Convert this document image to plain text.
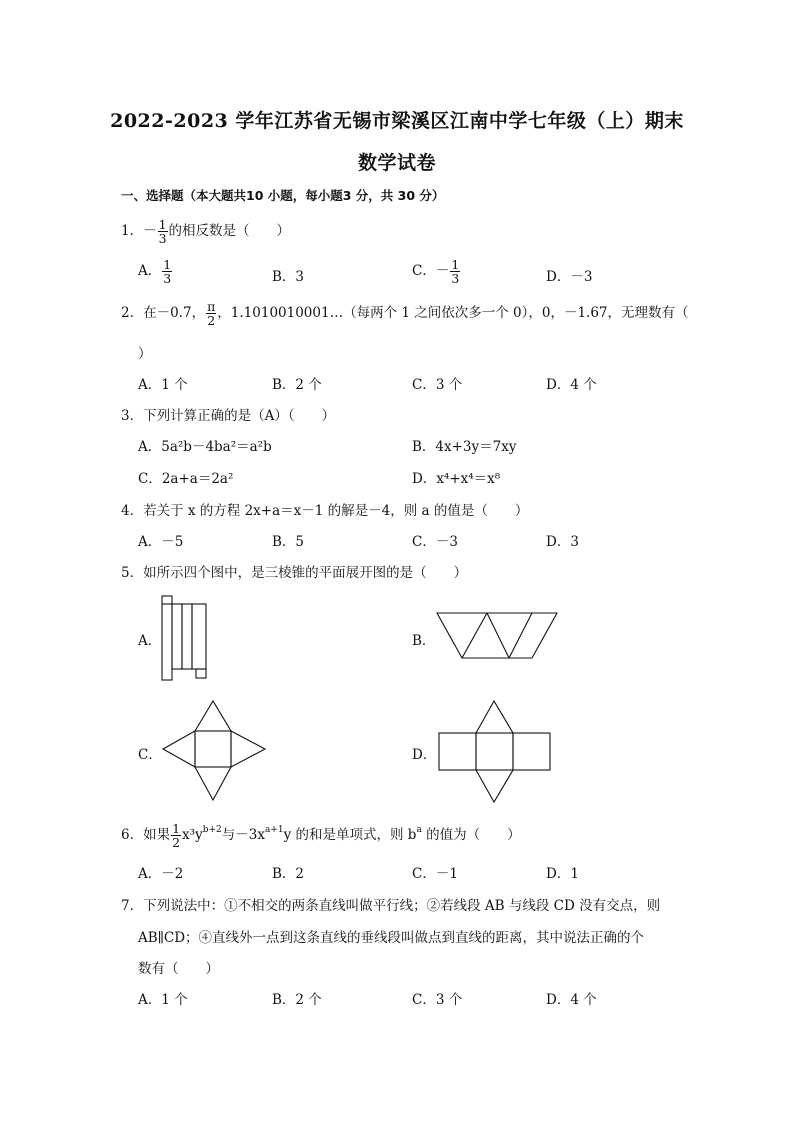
2022-2023 学年江苏省无锡市梁溪区江南中学七年级（上）期末
数学试卷
一、选择题（本大题共10 小题，每小题3 分，共 30 分）
1．－ $\frac{1}{3}$ 的相反数是（　　）
A． $\frac{1}{3}$	B．3	C．－ $\frac{1}{3}$	D．－3
2．在－0.7， $\frac{\pi}{2}$ ，1.1010010001…（每两个 1 之间依次多一个 0），0，－1.67，无理数有（
）
A．1 个	B．2 个	C．3 个	D．4 个
3．下列计算正确的是（A）（　　）
A．5a²b－4ba²＝a²b	B．4x+3y＝7xy
C．2a+a＝2a²	D．x⁴+x⁴＝x⁸
4．若关于 x 的方程 2x+a＝x－1 的解是－4，则 a 的值是（　　）
A．－5	B．5	C．－3	D．3
5．如所示四个图中，是三棱锥的平面展开图的是（　　）
A．	B．
C．	D．
6．如果 $\frac{1}{2} x^3y^{b+2}$与$-3x^{a+1}y$ 的和是单项式，则 $b^a$ 的值为（　　）
A．－2	B．2	C．－1	D．1
7．下列说法中：①不相交的两条直线叫做平行线；②若线段 AB 与线段 CD 没有交点，则
AB∥CD；④直线外一点到这条直线的垂线段叫做点到直线的距离，其中说法正确的个
数有（　　）
A．1 个	B．2 个	C．3 个	D．4 个
